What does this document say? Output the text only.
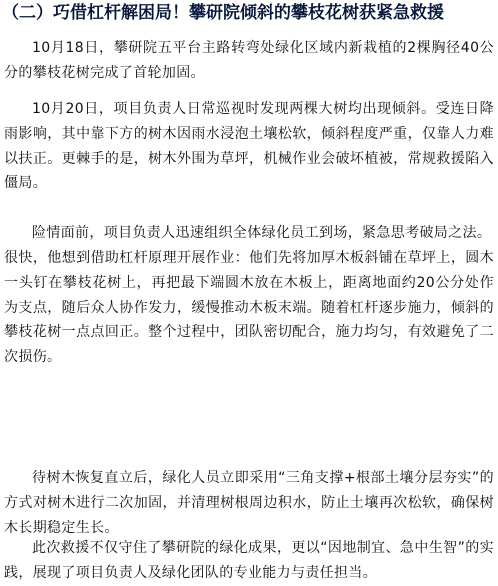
（二）巧借杠杆解困局！攀研院倾斜的攀枝花树获紧急救援

10月18日，攀研院五平台主路转弯处绿化区域内新栽植的2棵胸径40公分的攀枝花树完成了首轮加固。

10月20日，项目负责人日常巡视时发现两棵大树均出现倾斜。受连日降雨影响，其中靠下方的树木因雨水浸泡土壤松软，倾斜程度严重，仅靠人力难以扶正。更棘手的是，树木外围为草坪，机械作业会破坏植被，常规救援陷入僵局。

险情面前，项目负责人迅速组织全体绿化员工到场，紧急思考破局之法。

很快，他想到借助杠杆原理开展作业：他们先将加厚木板斜铺在草坪上，圆木一头钉在攀枝花树上，再把最下端圆木放在木板上，距离地面约20公分处作为支点，随后众人协作发力，缓慢推动木板末端。随着杠杆逐步施力，倾斜的攀枝花树一点点回正。整个过程中，团队密切配合，施力均匀，有效避免了二次损伤。

待树木恢复直立后，绿化人员立即采用“三角支撑+根部土壤分层夯实”的方式对树木进行二次加固，并清理树根周边积水，防止土壤再次松软，确保树木长期稳定生长。

此次救援不仅守住了攀研院的绿化成果，更以“因地制宜、急中生智”的实践，展现了项目负责人及绿化团队的专业能力与责任担当。
